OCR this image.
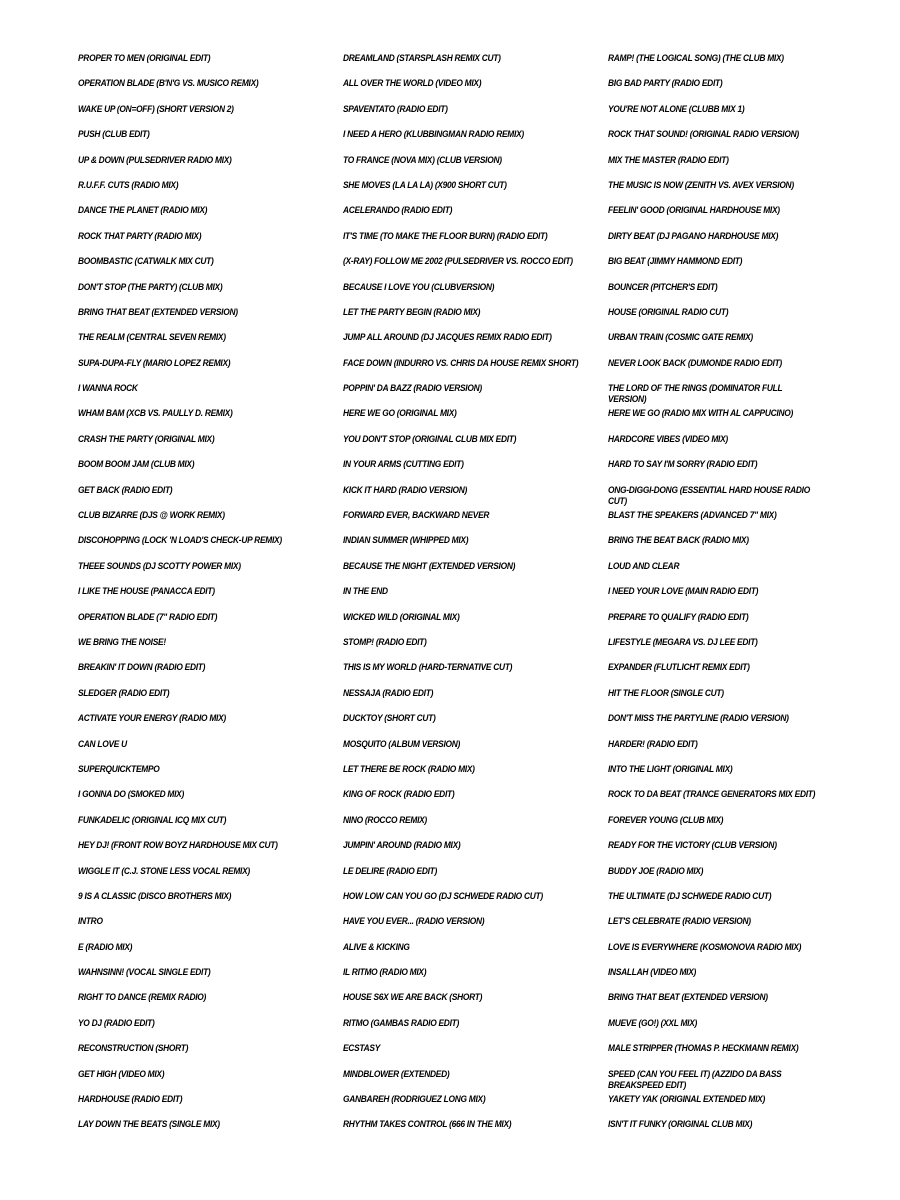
PROPER TO MEN (ORIGINAL EDIT)
OPERATION BLADE (B'N'G VS. MUSICO REMIX)
WAKE UP (ON=OFF) (SHORT VERSION 2)
PUSH (CLUB EDIT)
UP & DOWN (PULSEDRIVER RADIO MIX)
R.U.F.F. CUTS (RADIO MIX)
DANCE THE PLANET (RADIO MIX)
ROCK THAT PARTY (RADIO MIX)
BOOMBASTIC (CATWALK MIX CUT)
DON'T STOP (THE PARTY) (CLUB MIX)
BRING THAT BEAT (EXTENDED VERSION)
THE REALM (CENTRAL SEVEN REMIX)
SUPA-DUPA-FLY (MARIO LOPEZ REMIX)
I WANNA ROCK
WHAM BAM (XCB VS. PAULLY D. REMIX)
CRASH THE PARTY (ORIGINAL MIX)
BOOM BOOM JAM (CLUB MIX)
GET BACK (RADIO EDIT)
CLUB BIZARRE (DJS @ WORK REMIX)
DISCOHOPPING (LOCK 'N LOAD'S CHECK-UP REMIX)
THEEE SOUNDS (DJ SCOTTY POWER MIX)
I LIKE THE HOUSE (PANACCA EDIT)
OPERATION BLADE (7" RADIO EDIT)
WE BRING THE NOISE!
BREAKIN' IT DOWN (RADIO EDIT)
SLEDGER (RADIO EDIT)
ACTIVATE YOUR ENERGY (RADIO MIX)
CAN LOVE U
SUPERQUICKTEMPO
I GONNA DO (SMOKED MIX)
FUNKADELIC (ORIGINAL ICQ MIX CUT)
HEY DJ! (FRONT ROW BOYZ HARDHOUSE MIX CUT)
WIGGLE IT (C.J. STONE LESS VOCAL REMIX)
9 IS A CLASSIC (DISCO BROTHERS MIX)
INTRO
E (RADIO MIX)
WAHNSINN! (VOCAL SINGLE EDIT)
RIGHT TO DANCE (REMIX RADIO)
YO DJ (RADIO EDIT)
RECONSTRUCTION (SHORT)
GET HIGH (VIDEO MIX)
HARDHOUSE (RADIO EDIT)
LAY DOWN THE BEATS (SINGLE MIX)
DREAMLAND (STARSPLASH REMIX CUT)
ALL OVER THE WORLD (VIDEO MIX)
SPAVENTATO (RADIO EDIT)
I NEED A HERO (KLUBBINGMAN RADIO REMIX)
TO FRANCE (NOVA MIX) (CLUB VERSION)
SHE MOVES (LA LA LA) (X900 SHORT CUT)
ACELERANDO (RADIO EDIT)
IT'S TIME (TO MAKE THE FLOOR BURN) (RADIO EDIT)
(X-RAY) FOLLOW ME 2002 (PULSEDRIVER VS. ROCCO EDIT)
BECAUSE I LOVE YOU (CLUBVERSION)
LET THE PARTY BEGIN (RADIO MIX)
JUMP ALL AROUND (DJ JACQUES REMIX RADIO EDIT)
FACE DOWN (INDURRO VS. CHRIS DA HOUSE REMIX SHORT)
POPPIN' DA BAZZ (RADIO VERSION)
HERE WE GO (ORIGINAL MIX)
YOU DON'T STOP (ORIGINAL CLUB MIX EDIT)
IN YOUR ARMS (CUTTING EDIT)
KICK IT HARD (RADIO VERSION)
FORWARD EVER, BACKWARD NEVER
INDIAN SUMMER (WHIPPED MIX)
BECAUSE THE NIGHT (EXTENDED VERSION)
IN THE END
WICKED WILD (ORIGINAL MIX)
STOMP! (RADIO EDIT)
THIS IS MY WORLD (HARD-TERNATIVE CUT)
NESSAJA (RADIO EDIT)
DUCKTOY (SHORT CUT)
MOSQUITO (ALBUM VERSION)
LET THERE BE ROCK (RADIO MIX)
KING OF ROCK (RADIO EDIT)
NINO (ROCCO REMIX)
JUMPIN' AROUND (RADIO MIX)
LE DELIRE (RADIO EDIT)
HOW LOW CAN YOU GO (DJ SCHWEDE RADIO CUT)
HAVE YOU EVER... (RADIO VERSION)
ALIVE & KICKING
IL RITMO (RADIO MIX)
HOUSE S6X WE ARE BACK (SHORT)
RITMO (GAMBAS RADIO EDIT)
ECSTASY
MINDBLOWER (EXTENDED)
GANBAREH (RODRIGUEZ LONG MIX)
RHYTHM TAKES CONTROL (666 IN THE MIX)
RAMP! (THE LOGICAL SONG) (THE CLUB MIX)
BIG BAD PARTY (RADIO EDIT)
YOU'RE NOT ALONE (CLUBB MIX 1)
ROCK THAT SOUND! (ORIGINAL RADIO VERSION)
MIX THE MASTER (RADIO EDIT)
THE MUSIC IS NOW (ZENITH VS. AVEX VERSION)
FEELIN' GOOD (ORIGINAL HARDHOUSE MIX)
DIRTY BEAT (DJ PAGANO HARDHOUSE MIX)
BIG BEAT (JIMMY HAMMOND EDIT)
BOUNCER (PITCHER'S EDIT)
HOUSE (ORIGINAL RADIO CUT)
URBAN TRAIN (COSMIC GATE REMIX)
NEVER LOOK BACK (DUMONDE RADIO EDIT)
THE LORD OF THE RINGS (DOMINATOR FULL VERSION)
HERE WE GO (RADIO MIX WITH AL CAPPUCINO)
HARDCORE VIBES (VIDEO MIX)
HARD TO SAY I'M SORRY (RADIO EDIT)
ONG-DIGGI-DONG (ESSENTIAL HARD HOUSE RADIO CUT)
BLAST THE SPEAKERS (ADVANCED 7" MIX)
BRING THE BEAT BACK (RADIO MIX)
LOUD AND CLEAR
I NEED YOUR LOVE (MAIN RADIO EDIT)
PREPARE TO QUALIFY (RADIO EDIT)
LIFESTYLE (MEGARA VS. DJ LEE EDIT)
EXPANDER (FLUTLICHT REMIX EDIT)
HIT THE FLOOR (SINGLE CUT)
DON'T MISS THE PARTYLINE (RADIO VERSION)
HARDER! (RADIO EDIT)
INTO THE LIGHT (ORIGINAL MIX)
ROCK TO DA BEAT (TRANCE GENERATORS MIX EDIT)
FOREVER YOUNG (CLUB MIX)
READY FOR THE VICTORY (CLUB VERSION)
BUDDY JOE (RADIO MIX)
THE ULTIMATE (DJ SCHWEDE RADIO CUT)
LET'S CELEBRATE (RADIO VERSION)
LOVE IS EVERYWHERE (KOSMONOVA RADIO MIX)
INSALLAH (VIDEO MIX)
BRING THAT BEAT (EXTENDED VERSION)
MUEVE (GO!) (XXL MIX)
MALE STRIPPER (THOMAS P. HECKMANN REMIX)
SPEED (CAN YOU FEEL IT) (AZZIDO DA BASS BREAKSPEED EDIT)
YAKETY YAK (ORIGINAL EXTENDED MIX)
ISN'T IT FUNKY (ORIGINAL CLUB MIX)
